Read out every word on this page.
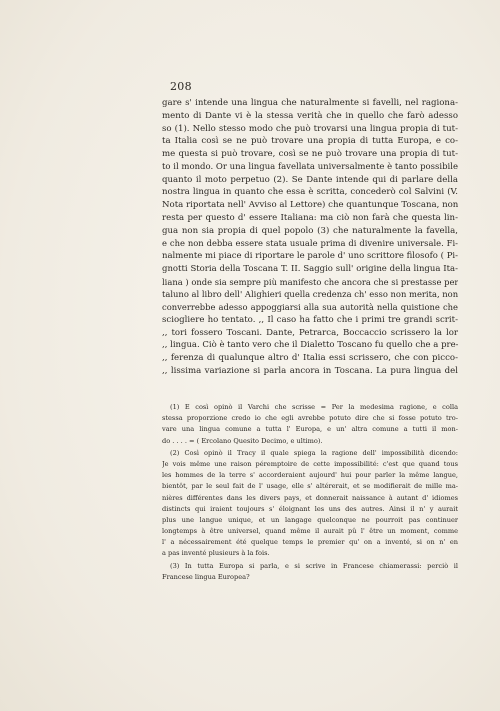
208
gare s' intende una lingua che naturalmente si favelli, nel ragiona-
mento di Dante vi è la stessa verità che in quello che farò adesso
so (1). Nello stesso modo che può trovarsi una lingua propia di tut-
ta Italia così se ne può trovare una propia di tutta Europa, e co-
me questa si può trovare, così se ne può trovare una propia di tut-
to il mondo. Or una lingua favellata universalmente è tanto possibile
quanto il moto perpetuo (2). Se Dante intende qui di parlare della
nostra lingua in quanto che essa è scritta, concederò col Salvini (V.
Nota riportata nell' Avviso al Lettore) che quantunque Toscana, non
resta per questo d' essere Italiana: ma ciò non farà che questa lin-
gua non sia propia di quel popolo (3) che naturalmente la favella,
e che non debba essere stata usuale prima di divenire universale. Fi-
nalmente mi piace di riportare le parole d' uno scrittore filosofo ( Pi-
gnotti Storia della Toscana T. II. Saggio sull' origine della lingua Ita-
liana ) onde sia sempre più manifesto che ancora che si prestasse per
taluno al libro dell' Alighieri quella credenza ch' esso non merita, non
converrebbe adesso appoggiarsi alla sua autorità nella quistione che
sciogliere ho tentato. ,, Il caso ha fatto che i primi tre grandi scrit-
,, tori fossero Toscani. Dante, Petrarca, Boccaccio scrissero la lor
,, lingua. Ciò è tanto vero che il Dialetto Toscano fu quello che a pre-
,, ferenza di qualunque altro d' Italia essi scrissero, che con picco-
,, lissima variazione si parla ancora in Toscana. La pura lingua del
(1) E così opinò il Varchi che scrisse = Per la medesima ragione, e colla
stessa proporzione credo io che egli avrebbe potuto dire che si fosse potuto tro-
vare una lingua comune a tutta l' Europa, e un' altra comune a tutti il mon-
do . . . . = ( Ercolano Quesito Decimo, e ultimo).
(2) Così opinò il Tracy il quale spiega la ragione dell' impossibilità dicendo:
Je vois même une raison péremptoire de cette impossibilité: c'est que quand tous
les hommes de la terre s' accorderaient aujourd' hui pour parler la même langue,
bientôt, par le seul fait de l' usage, elle s' altérerait, et se modifierait de mille ma-
nières différentes dans les divers pays, et donnerait naissance à autant d' idiomes
distincts qui iraient toujours s' éloignant les uns des autres. Ainsi il n' y aurait
plus une langue unique, et un langage quelconque ne pourroit pas continuer
longtemps à être universel, quand même il aurait pû l' être un moment, comme
l' a nécessairement été quelque temps le premier qu' on a inventé, si on n' en
a pas inventé plusieurs à la fois.
(3) In tutta Europa si parla, e si scrive in Francese chiamerassi: perciò il
Francese lingua Europea?
